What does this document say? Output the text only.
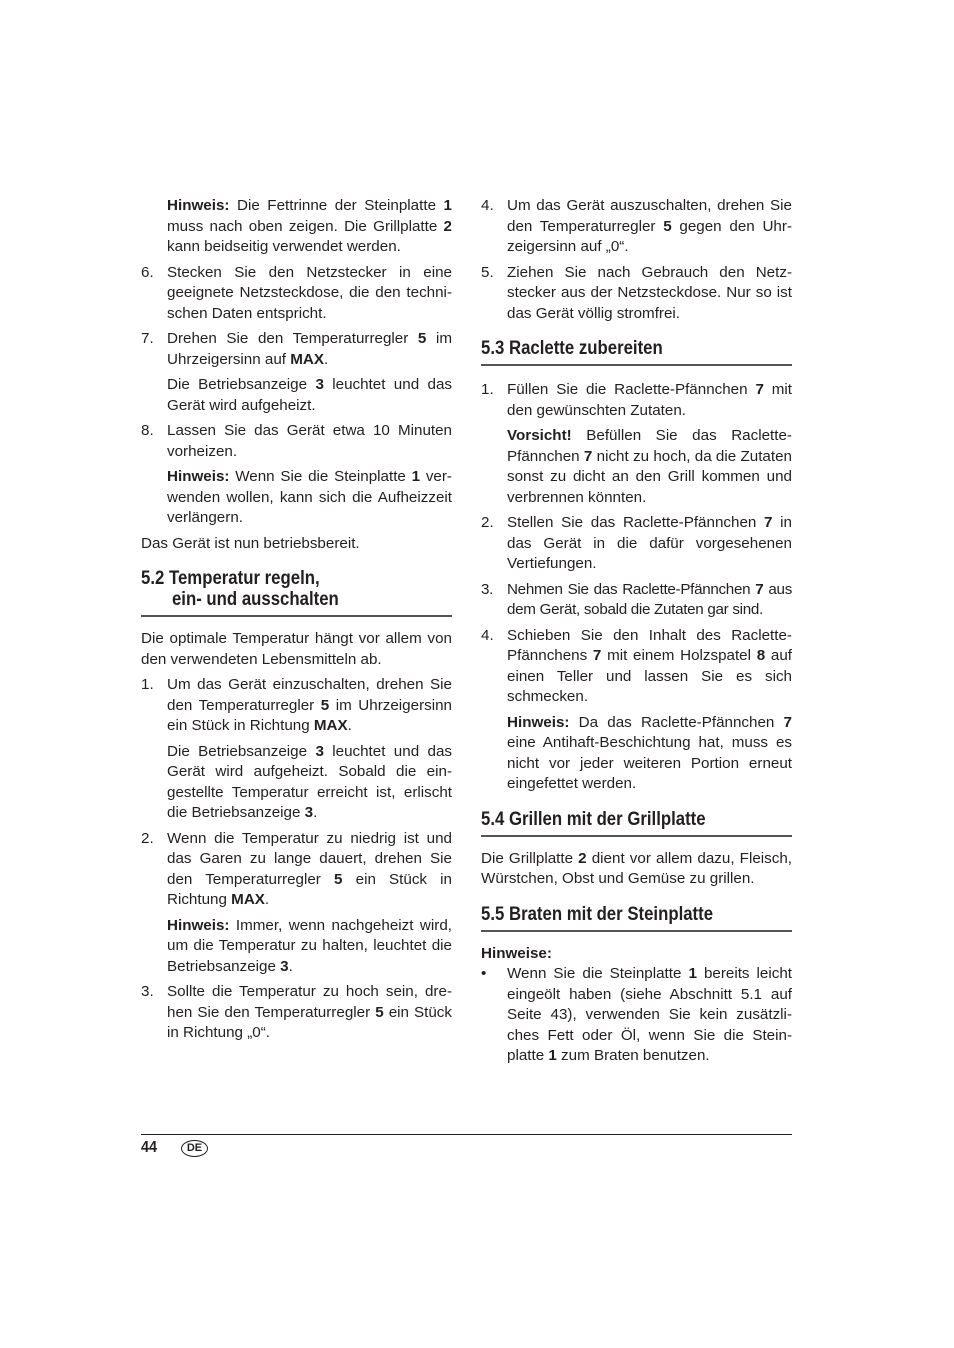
Hinweis: Die Fettrinne der Steinplatte 1 muss nach oben zeigen. Die Grillplatte 2 kann beidseitig verwendet werden.

6. Stecken Sie den Netzstecker in eine geeignete Netzsteckdose, die den technischen Daten entspricht.
7. Drehen Sie den Temperaturregler 5 im Uhrzeigersinn auf MAX.

Die Betriebsanzeige 3 leuchtet und das Gerät wird aufgeheizt.

8. Lassen Sie das Gerät etwa 10 Minuten vorheizen.

Hinweis: Wenn Sie die Steinplatte 1 verwenden wollen, kann sich die Aufheizzeit verlängern.

Das Gerät ist nun betriebsbereit.

5.2 Temperatur regeln,
ein- und ausschalten

Die optimale Temperatur hängt vor allem von den verwendeten Lebensmitteln ab.

1. Um das Gerät einzuschalten, drehen Sie den Temperaturregler 5 im Uhrzeigersinn ein Stück in Richtung MAX.

Die Betriebsanzeige 3 leuchtet und das Gerät wird aufgeheizt. Sobald die eingestellte Temperatur erreicht ist, erlischt die Betriebsanzeige 3.

2. Wenn die Temperatur zu niedrig ist und das Garen zu lange dauert, drehen Sie den Temperaturregler 5 ein Stück in Richtung MAX.

Hinweis: Immer, wenn nachgeheizt wird, um die Temperatur zu halten, leuchtet die Betriebsanzeige 3.

3. Sollte die Temperatur zu hoch sein, drehen Sie den Temperaturregler 5 ein Stück in Richtung „0“.
4. Um das Gerät auszuschalten, drehen Sie den Temperaturregler 5 gegen den Uhrzeigersinn auf „0“.
5. Ziehen Sie nach Gebrauch den Netzstecker aus der Netzsteckdose. Nur so ist das Gerät völlig stromfrei.
5.3 Raclette zubereiten
1. Füllen Sie die Raclette-Pfännchen 7 mit den gewünschten Zutaten.

Vorsicht! Befüllen Sie das Raclette-Pfännchen 7 nicht zu hoch, da die Zutaten sonst zu dicht an den Grill kommen und verbrennen könnten.

2. Stellen Sie das Raclette-Pfännchen 7 in das Gerät in die dafür vorgesehenen Vertiefungen.
3. Nehmen Sie das Raclette-Pfännchen 7 aus dem Gerät, sobald die Zutaten gar sind.
4. Schieben Sie den Inhalt des Raclette-Pfännchens 7 mit einem Holzspatel 8 auf einen Teller und lassen Sie es sich schmecken.

Hinweis: Da das Raclette-Pfännchen 7 eine Antihaft-Beschichtung hat, muss es nicht vor jeder weiteren Portion erneut eingefettet werden.

5.4 Grillen mit der Grillplatte

Die Grillplatte 2 dient vor allem dazu, Fleisch, Würstchen, Obst und Gemüse zu grillen.

5.5 Braten mit der Steinplatte

Hinweise:

• Wenn Sie die Steinplatte 1 bereits leicht eingeölt haben (siehe Abschnitt 5.1 auf Seite 43), verwenden Sie kein zusätzliches Fett oder Öl, wenn Sie die Steinplatte 1 zum Braten benutzen.
44	DE
